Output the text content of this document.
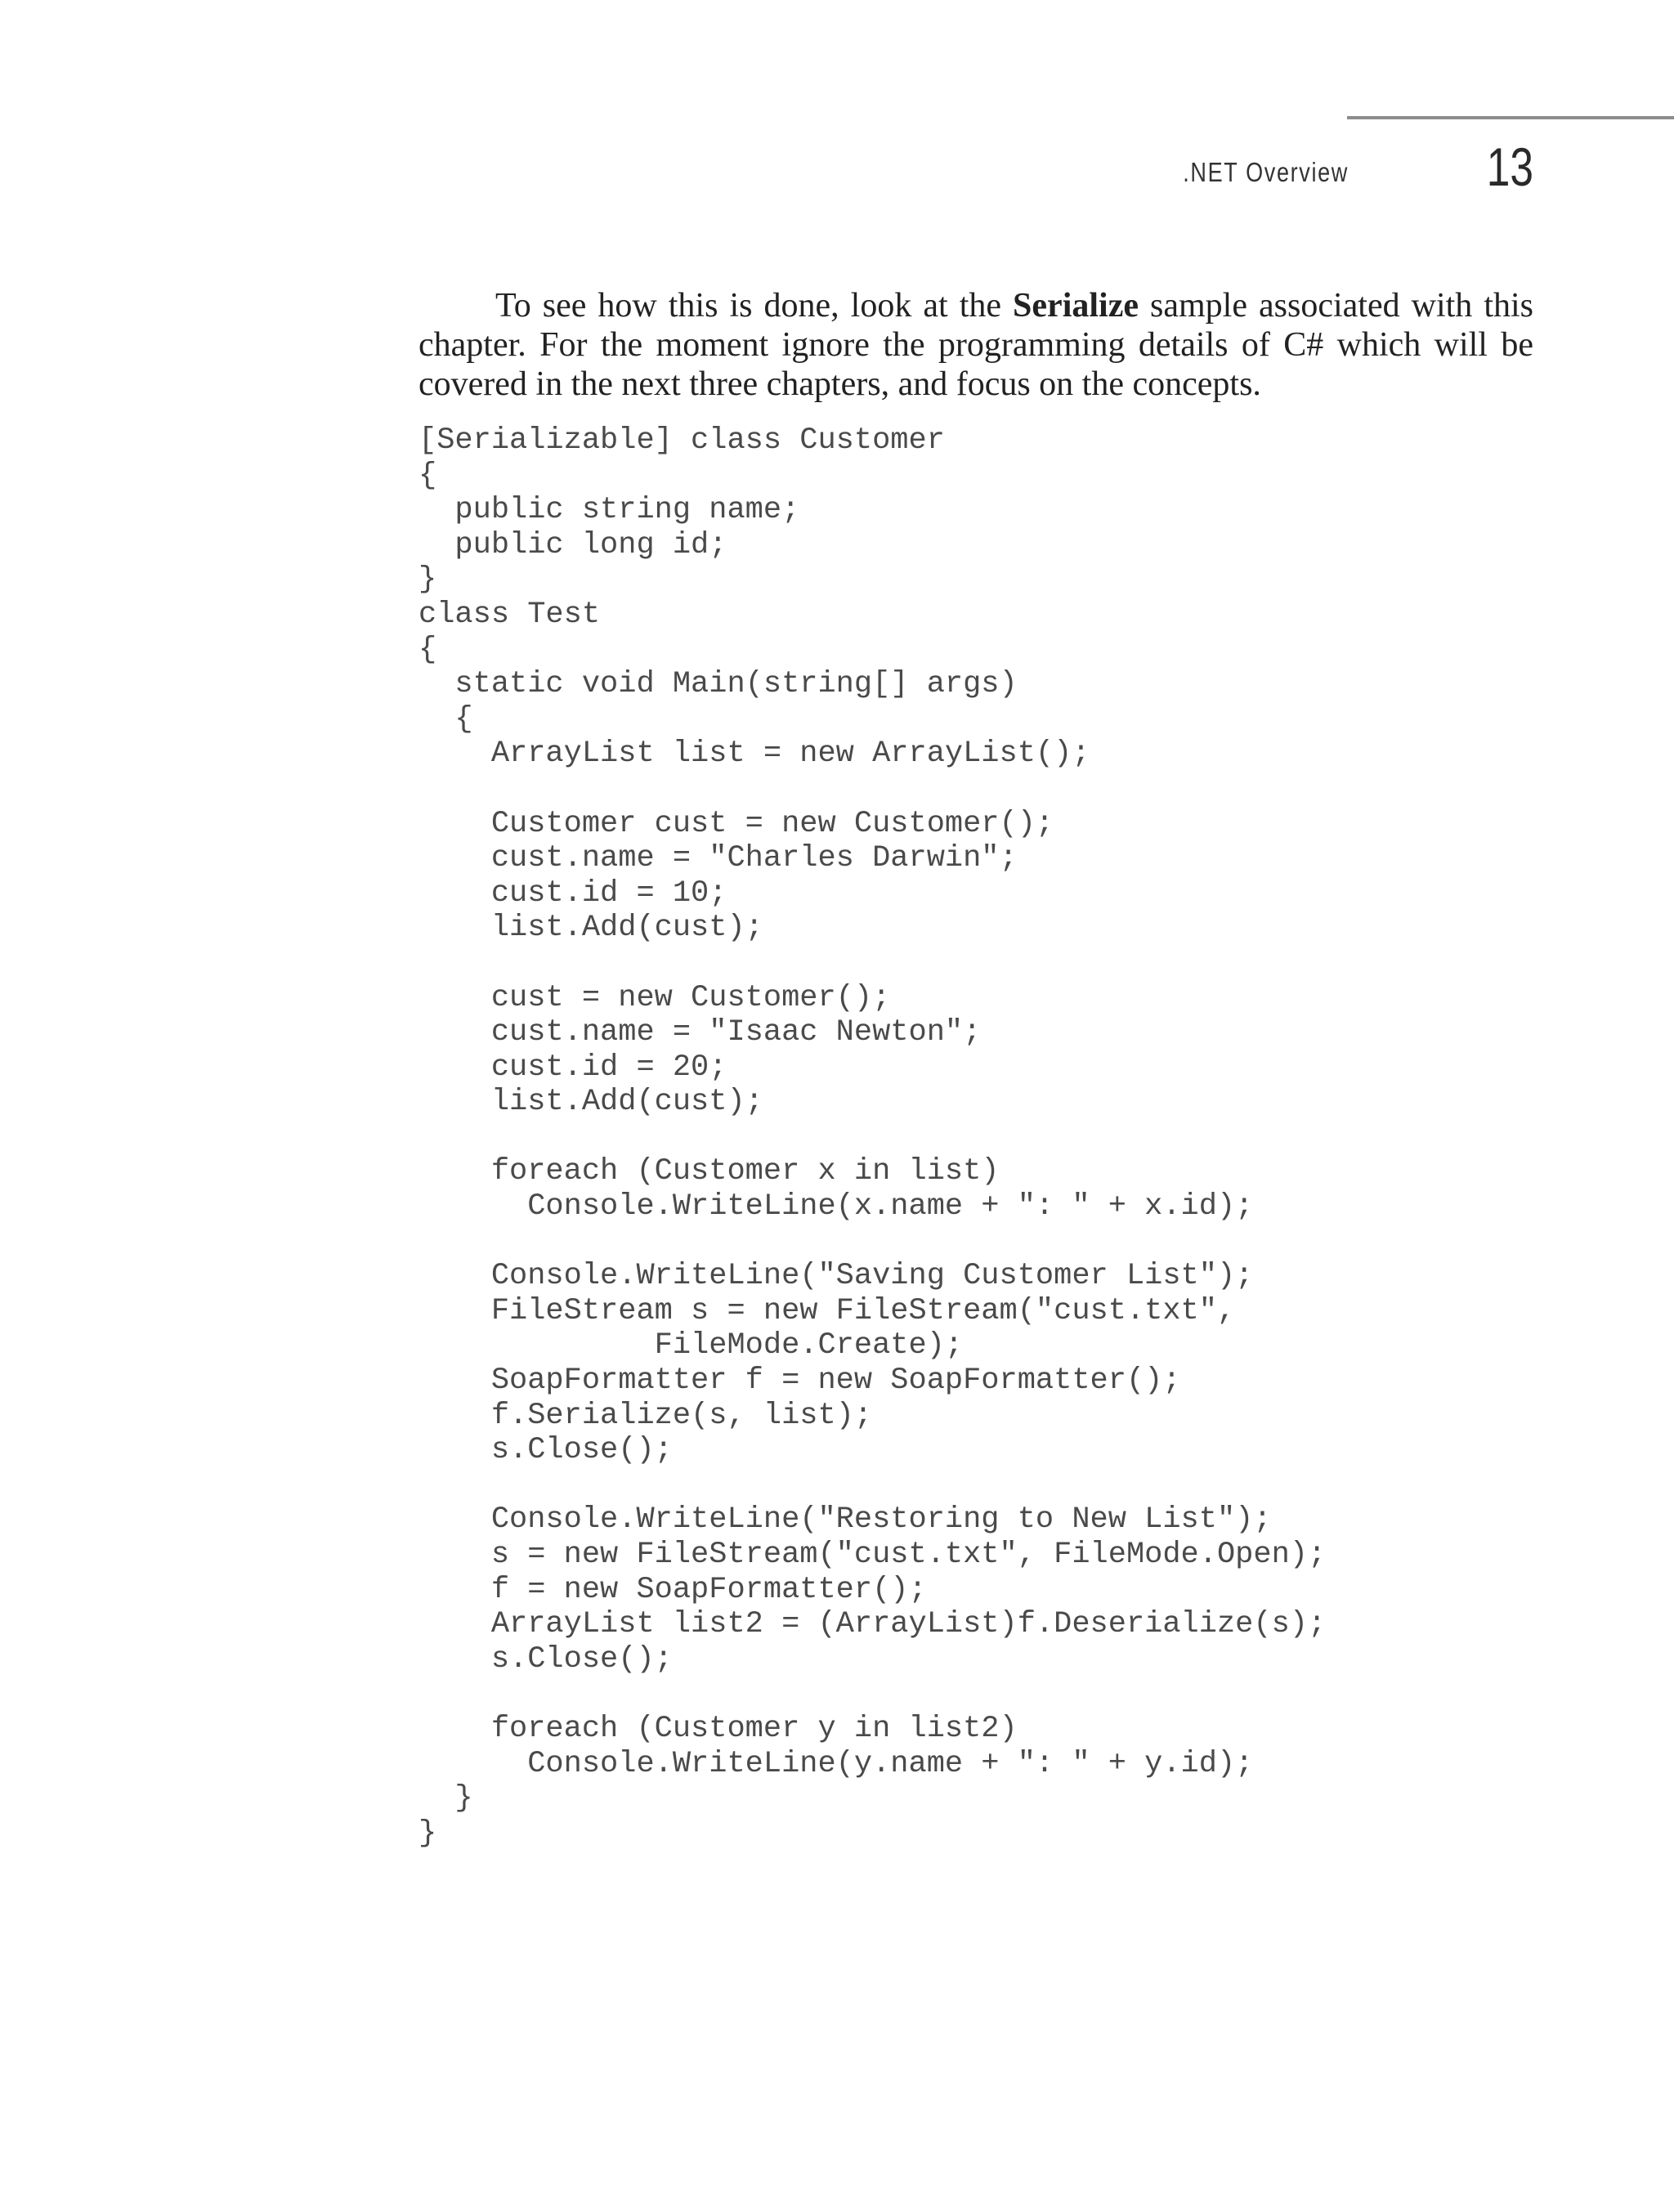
.NET Overview	13

To see how this is done, look at the Serialize sample associated with this chapter. For the moment ignore the programming details of C# which will be covered in the next three chapters, and focus on the concepts.

[Serializable] class Customer
{
public string name;
public long id;
}
class Test
{
static void Main(string[] args)
{
ArrayList list = new ArrayList();
Customer cust = new Customer();
cust.name = "Charles Darwin";
cust.id = 10;
list.Add(cust);
cust = new Customer();
cust.name = "Isaac Newton";
cust.id = 20;
list.Add(cust);
foreach (Customer x in list)
Console.WriteLine(x.name + ": " + x.id);
Console.WriteLine("Saving Customer List");
FileStream s = new FileStream("cust.txt",
FileMode.Create);
SoapFormatter f = new SoapFormatter();
f.Serialize(s, list);
s.Close();
Console.WriteLine("Restoring to New List");
s = new FileStream("cust.txt", FileMode.Open);
f = new SoapFormatter();
ArrayList list2 = (ArrayList)f.Deserialize(s);
s.Close();
foreach (Customer y in list2)
Console.WriteLine(y.name + ": " + y.id);
}
}
